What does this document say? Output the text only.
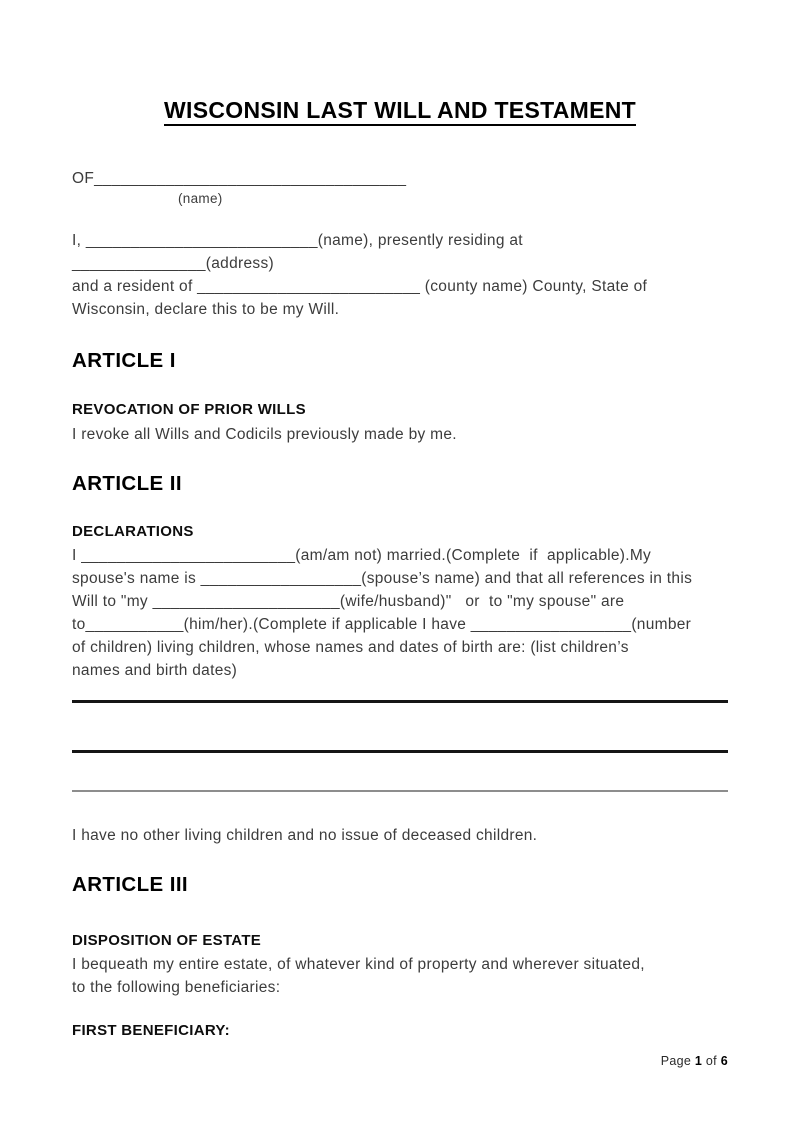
WISCONSIN LAST WILL AND TESTAMENT
OF___________________________________
(name)
I, __________________________(name), presently residing at _______________(address)
and a resident of _________________________ (county name) County, State of
Wisconsin, declare this to be my Will.
ARTICLE I
REVOCATION OF PRIOR WILLS
I revoke all Wills and Codicils previously made by me.
ARTICLE II
DECLARATIONS
I ________________________(am/am not) married.(Complete  if  applicable).My
spouse's name is __________________(spouse’s name) and that all references in this
Will to "my _____________________(wife/husband)"   or  to "my spouse" are
to___________(him/her).(Complete if applicable I have __________________(number
of children) living children, whose names and dates of birth are: (list children’s
names and birth dates)
I have no other living children and no issue of deceased children.
ARTICLE III
DISPOSITION OF ESTATE
I bequeath my entire estate, of whatever kind of property and wherever situated,
to the following beneficiaries:
FIRST BENEFICIARY:
Page 1 of 6
